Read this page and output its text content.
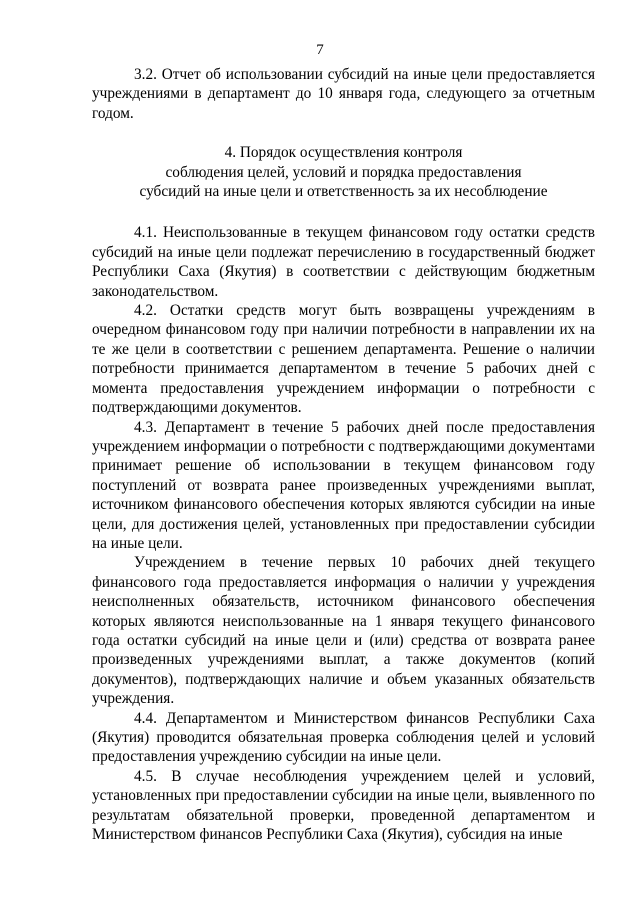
7

3.2. Отчет об использовании субсидий на иные цели предоставляется учреждениями в департамент до 10 января года, следующего за отчетным годом.

4. Порядок осуществления контроля
соблюдения целей, условий и порядка предоставления
субсидий на иные цели и ответственность за их несоблюдение

4.1. Неиспользованные в текущем финансовом году остатки средств субсидий на иные цели подлежат перечислению в государственный бюджет Республики Саха (Якутия) в соответствии с действующим бюджетным законодательством.

4.2. Остатки средств могут быть возвращены учреждениям в очередном финансовом году при наличии потребности в направлении их на те же цели в соответствии с решением департамента. Решение о наличии потребности принимается департаментом в течение 5 рабочих дней с момента предоставления учреждением информации о потребности с подтверждающими документов.

4.3. Департамент в течение 5 рабочих дней после предоставления учреждением информации о потребности с подтверждающими документами принимает решение об использовании в текущем финансовом году поступлений от возврата ранее произведенных учреждениями выплат, источником финансового обеспечения которых являются субсидии на иные цели, для достижения целей, установленных при предоставлении субсидии на иные цели.

Учреждением в течение первых 10 рабочих дней текущего финансового года предоставляется информация о наличии у учреждения неисполненных обязательств, источником финансового обеспечения которых являются неиспользованные на 1 января текущего финансового года остатки субсидий на иные цели и (или) средства от возврата ранее произведенных учреждениями выплат, а также документов (копий документов), подтверждающих наличие и объем указанных обязательств учреждения.

4.4. Департаментом и Министерством финансов Республики Саха (Якутия) проводится обязательная проверка соблюдения целей и условий предоставления учреждению субсидии на иные цели.

4.5. В случае несоблюдения учреждением целей и условий, установленных при предоставлении субсидии на иные цели, выявленного по результатам обязательной проверки, проведенной департаментом и Министерством финансов Республики Саха (Якутия), субсидия на иные
